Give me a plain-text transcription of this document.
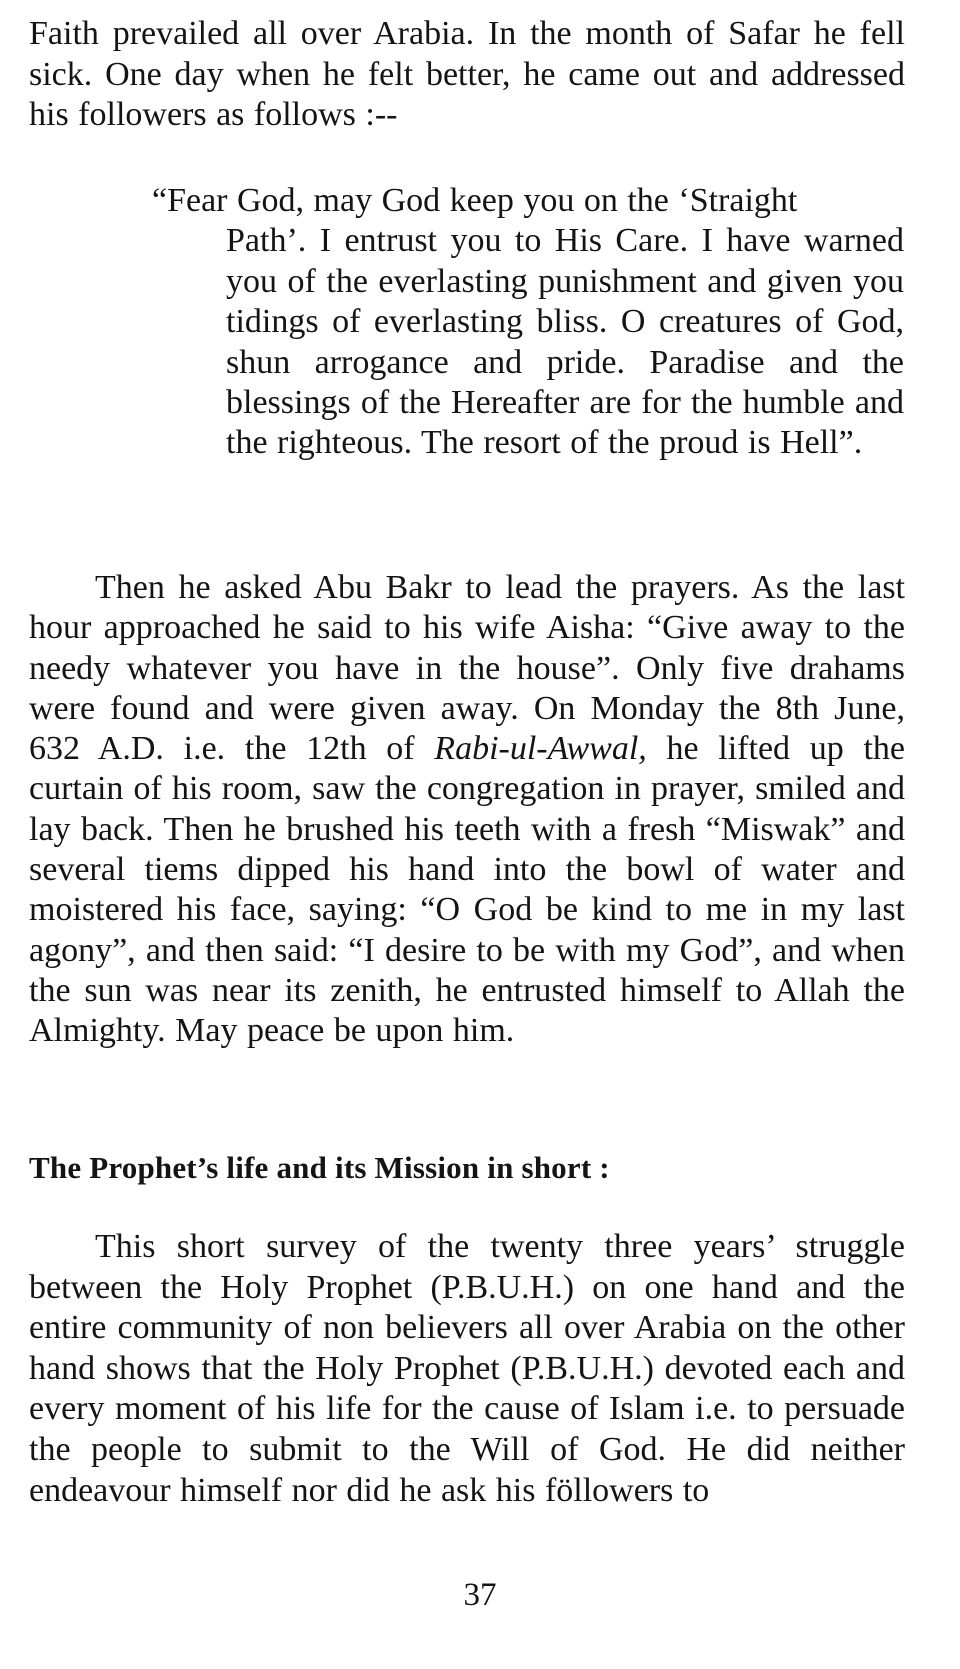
Faith prevailed all over Arabia. In the month of Safar he fell sick. One day when he felt better, he came out and addressed his followers as follows :--

“Fear God, may God keep you on the ‘Straight
Path’. I entrust you to His Care. I have warned you of the everlasting punishment and given you tidings of everlasting bliss. O creatures of God, shun arrogance and pride. Paradise and the blessings of the Hereafter are for the humble and the righteous. The resort of the proud is Hell”.

Then he asked Abu Bakr to lead the prayers. As the last hour approached he said to his wife Aisha: “Give away to the needy whatever you have in the house”. Only five drahams were found and were given away. On Monday the 8th June, 632 A.D. i.e. the 12th of Rabi-ul-Awwal, he lifted up the curtain of his room, saw the congregation in prayer, smiled and lay back. Then he brushed his teeth with a fresh “Miswak” and several tiems dipped his hand into the bowl of water and moistered his face, saying: “O God be kind to me in my last agony”, and then said: “I desire to be with my God”, and when the sun was near its zenith, he entrusted himself to Allah the Almighty. May peace be upon him.

The Prophet’s life and its Mission in short :

This short survey of the twenty three years’ struggle between the Holy Prophet (P.B.U.H.) on one hand and the entire community of non believers all over Arabia on the other hand shows that the Holy Prophet (P.B.U.H.) devoted each and every moment of his life for the cause of Islam i.e. to persuade the people to submit to the Will of God. He did neither endeavour himself nor did he ask his föllowers to

37
